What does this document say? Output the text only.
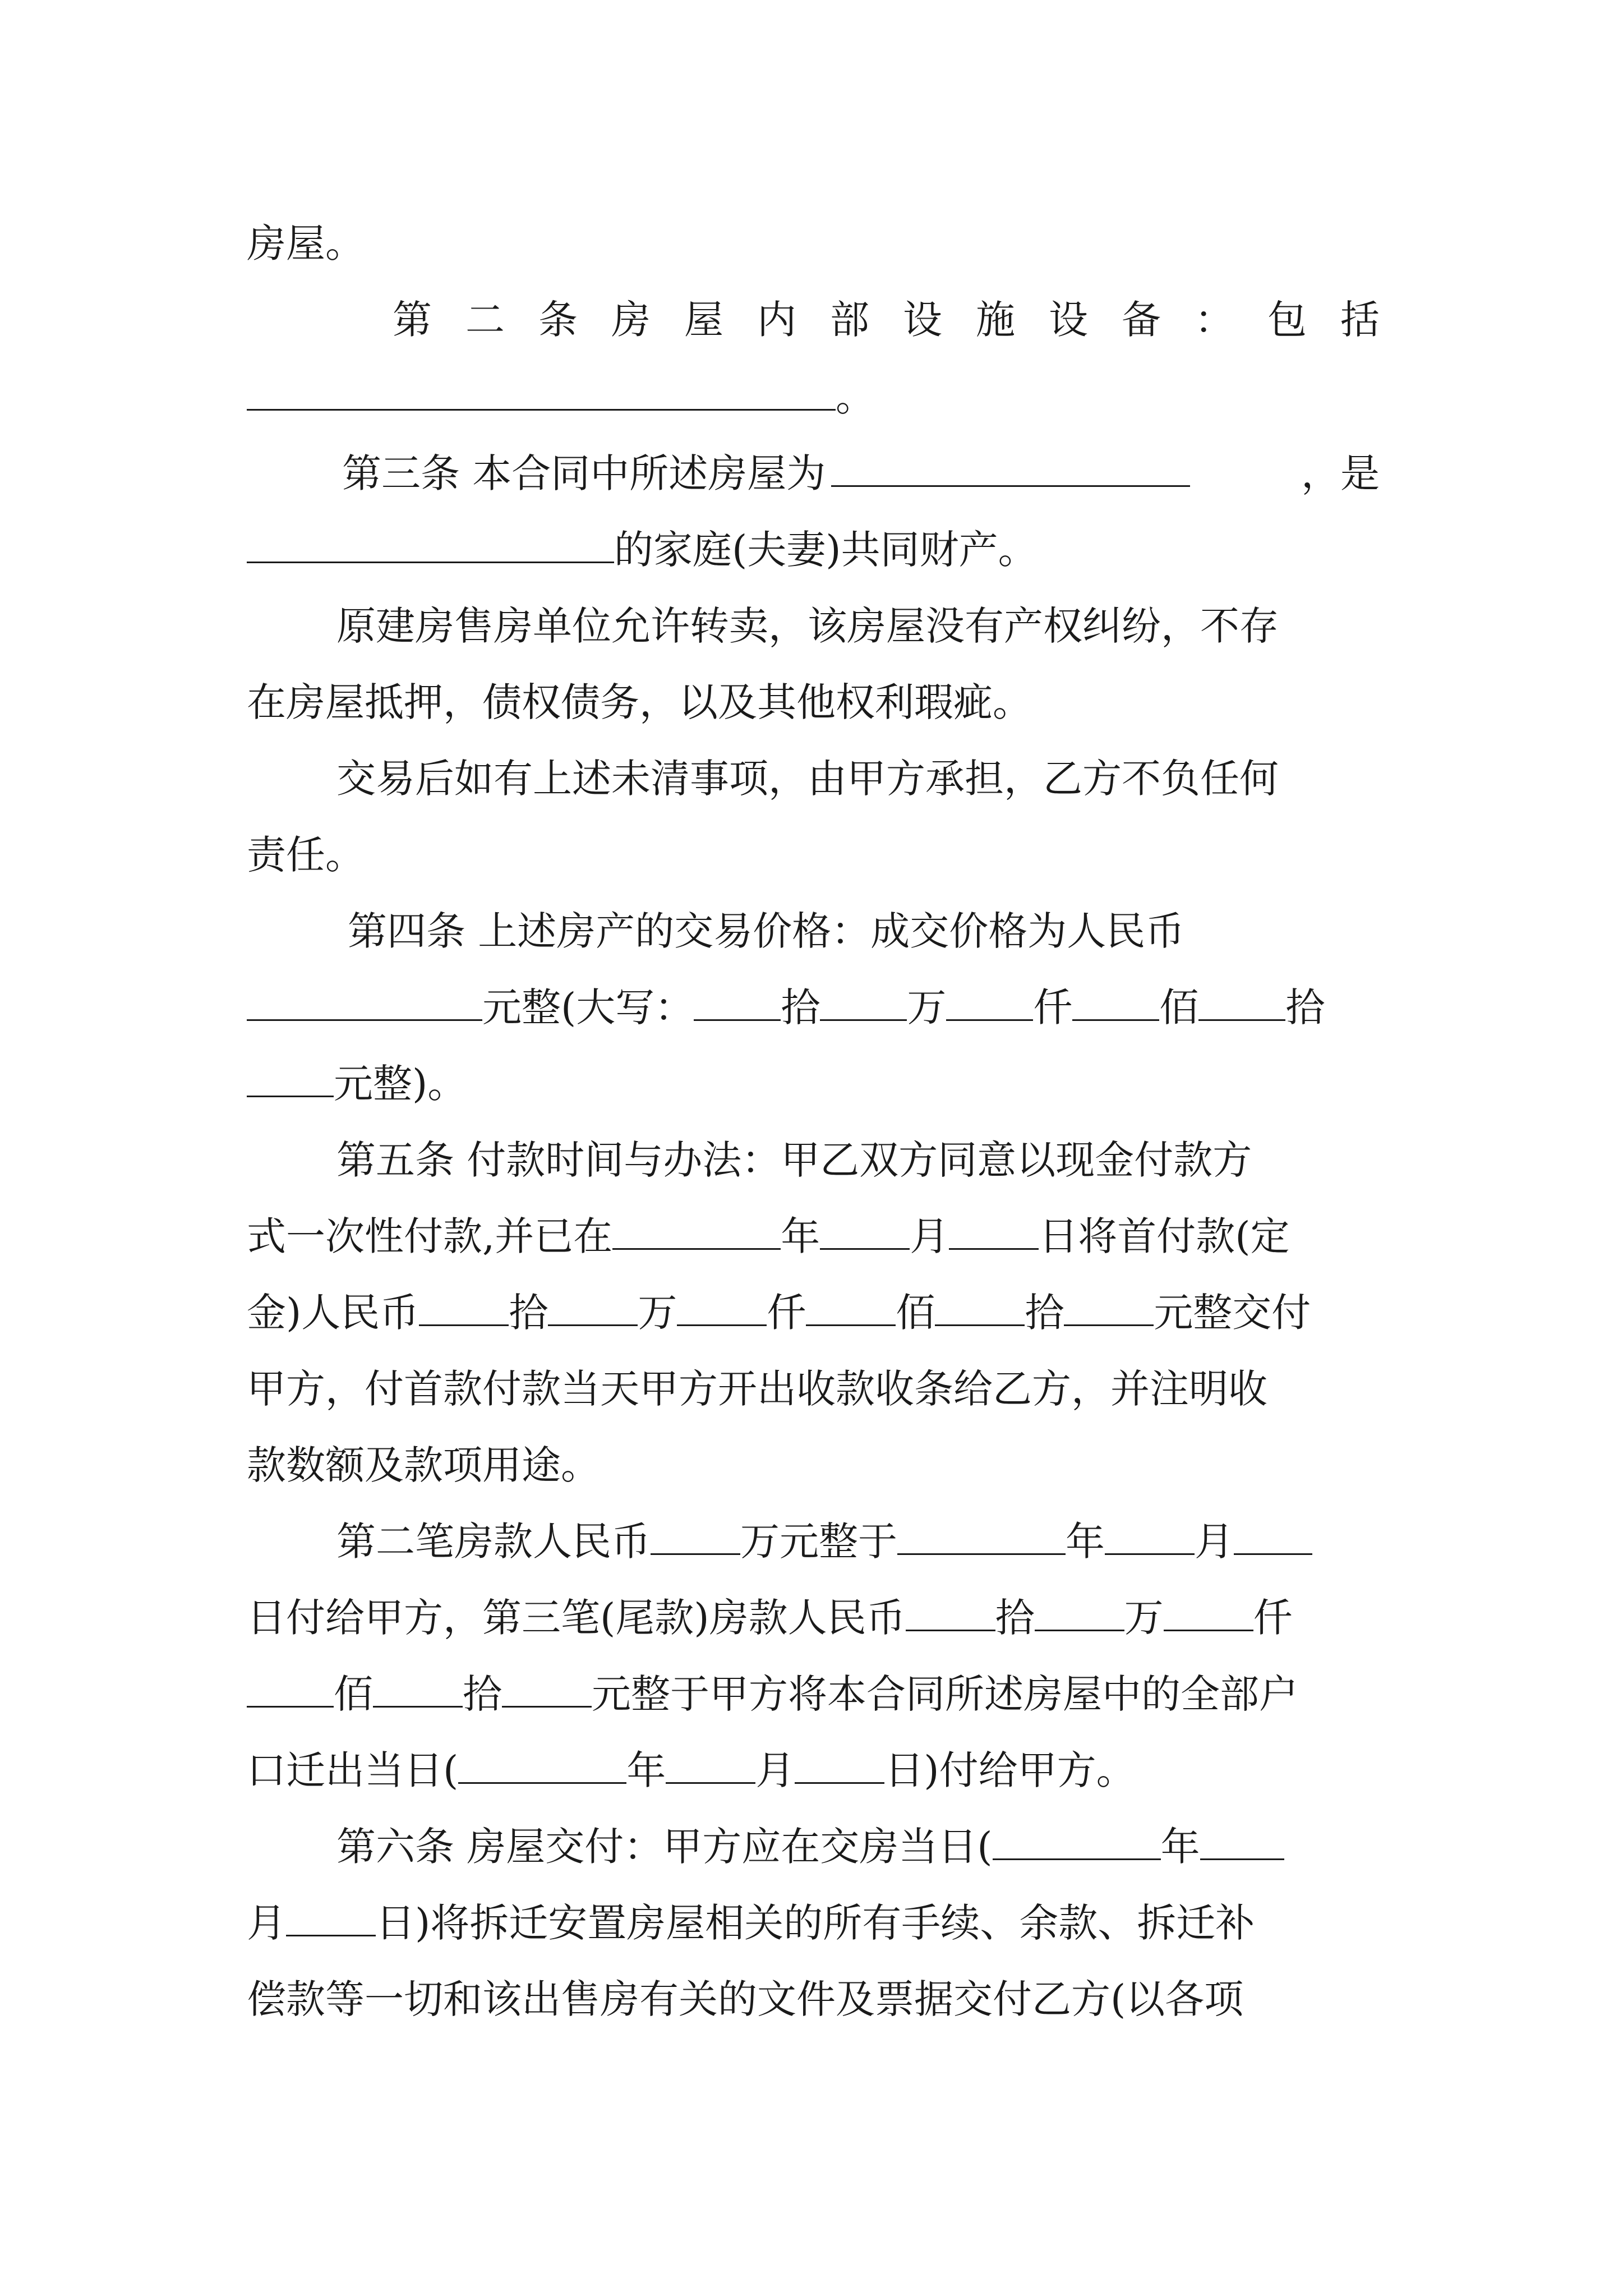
房屋。
第 二 条 房 屋 内 部 设 施 设 备 ： 包 括
。
第三条 本合同中所述房屋为	，是
的家庭(夫妻)共同财产。
原建房售房单位允许转卖，该房屋没有产权纠纷，不存
在房屋抵押，债权债务，以及其他权利瑕疵。
交易后如有上述未清事项，由甲方承担，乙方不负任何
责任。
第四条 上述房产的交易价格：成交价格为人民币
元整(大写： 拾 万 仟 佰 拾
元整)。
第五条 付款时间与办法：甲乙双方同意以现金付款方
式一次性付款,并已在	年 月 日将首付款(定
金)人民币 拾 万 仟 佰 拾 元整交付
甲方，付首款付款当天甲方开出收款收条给乙方，并注明收
款数额及款项用途。
第二笔房款人民币 万元整于	年 月
日付给甲方，第三笔(尾款)房款人民币 拾 万 仟
佰 拾 元整于甲方将本合同所述房屋中的全部户
口迁出当日(	年 月 日)付给甲方。
第六条 房屋交付：甲方应在交房当日(	年
月 日)将拆迁安置房屋相关的所有手续、余款、拆迁补
偿款等一切和该出售房有关的文件及票据交付乙方(以各项
